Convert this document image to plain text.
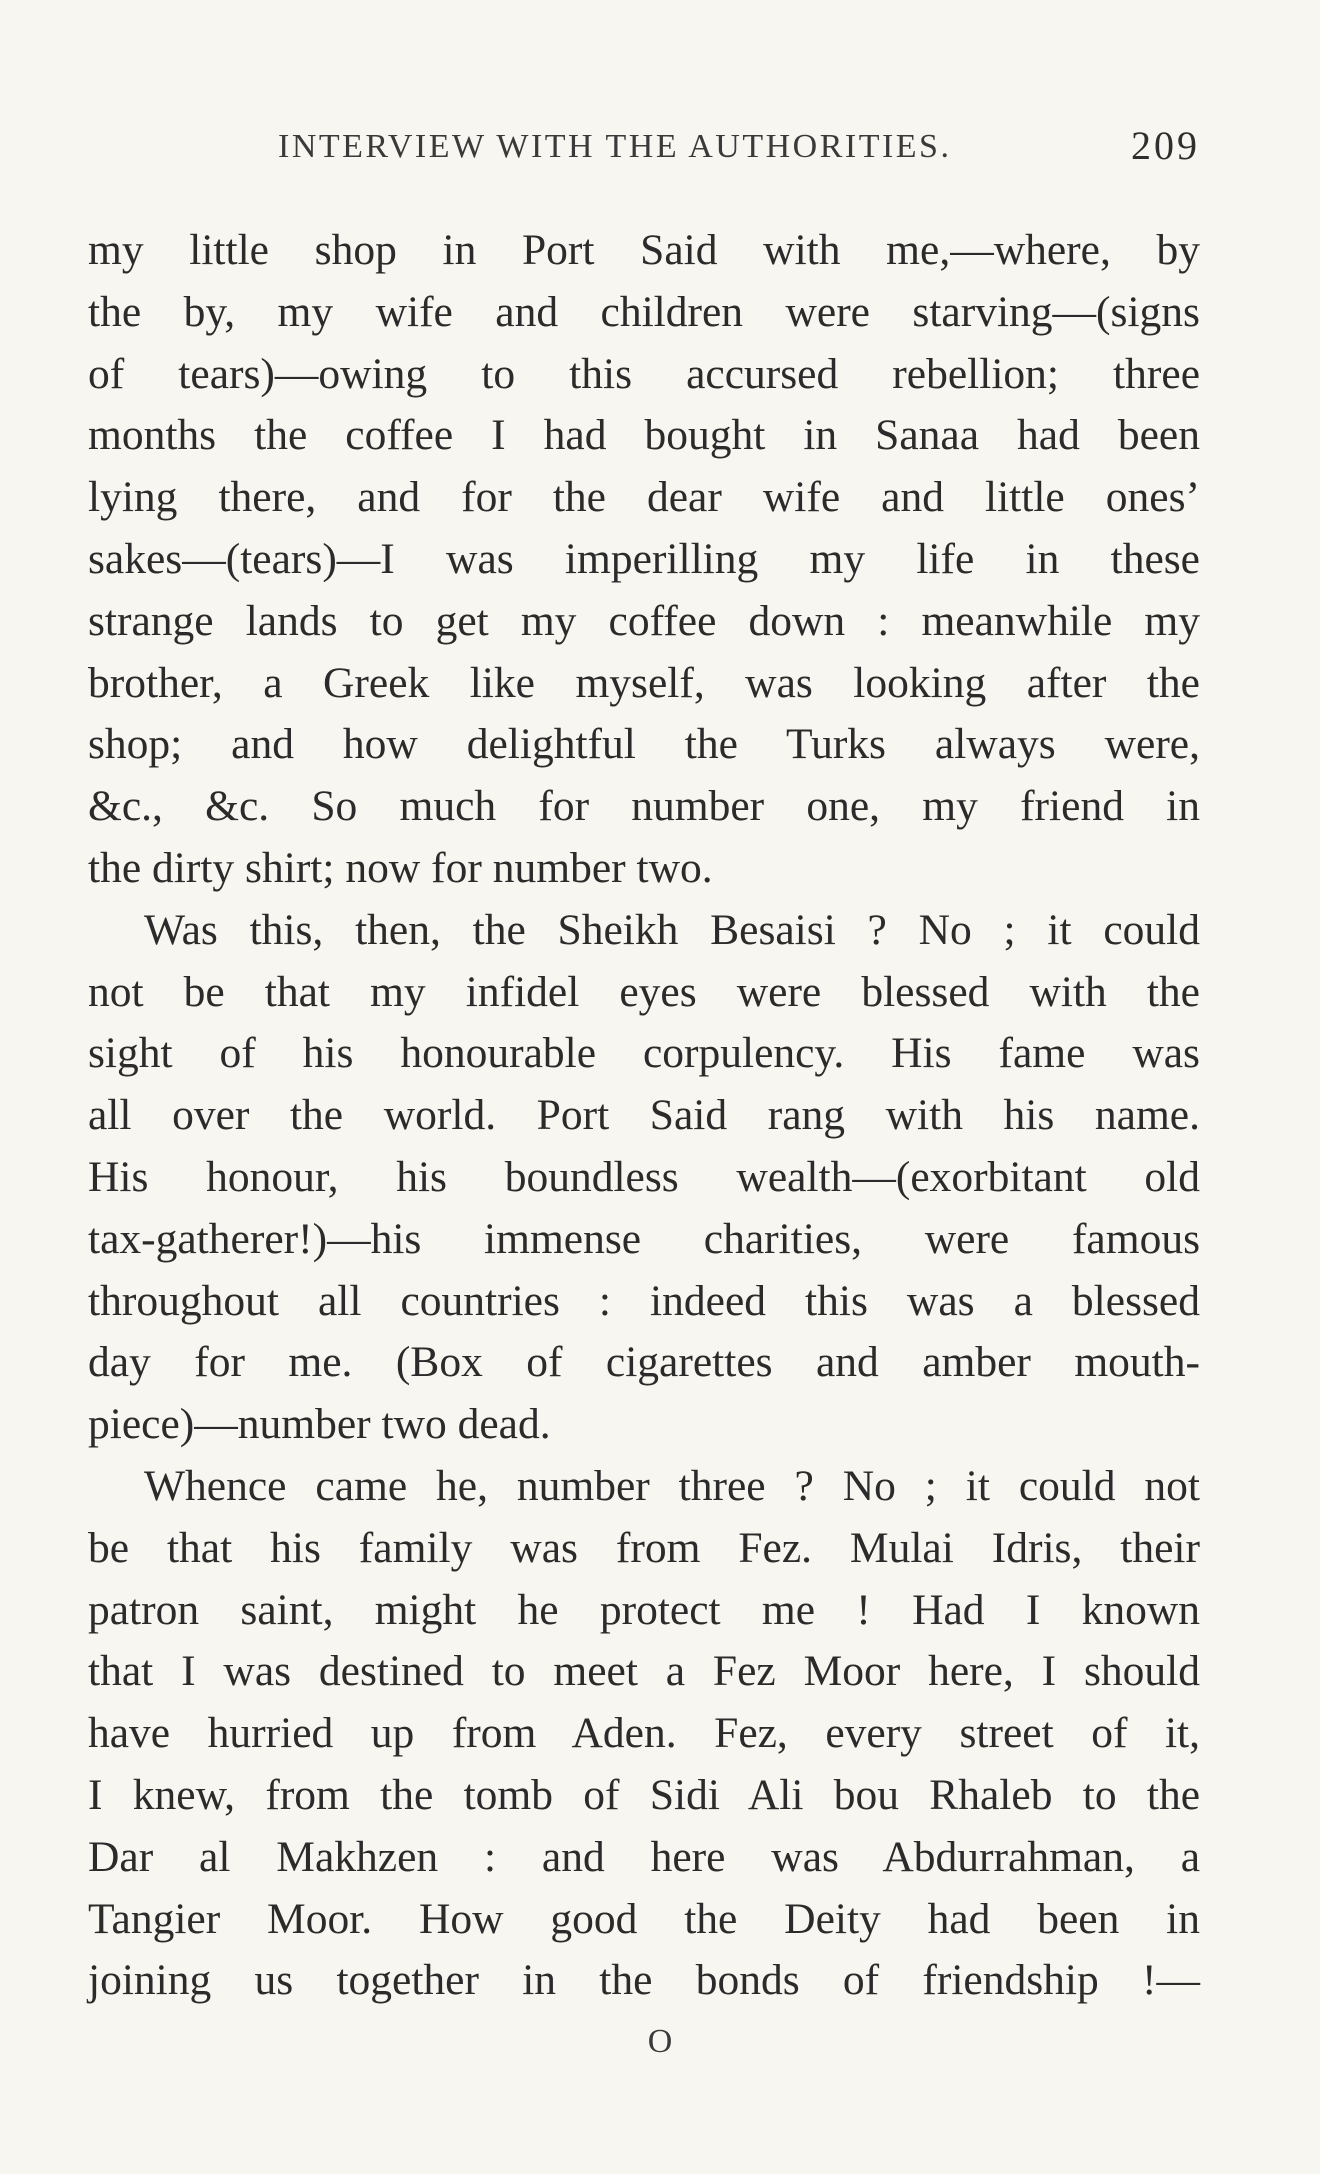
INTERVIEW WITH THE AUTHORITIES.	209
my little shop in Port Said with me,—where, by
the by, my wife and children were starving—(signs
of tears)—owing to this accursed rebellion; three
months the coffee I had bought in Sanaa had been
lying there, and for the dear wife and little ones’
sakes—(tears)—I was imperilling my life in these
strange lands to get my coffee down : meanwhile my
brother, a Greek like myself, was looking after the
shop; and how delightful the Turks always were,
&c., &c. So much for number one, my friend in
the dirty shirt; now for number two.
Was this, then, the Sheikh Besaisi ? No ; it could
not be that my infidel eyes were blessed with the
sight of his honourable corpulency. His fame was
all over the world. Port Said rang with his name.
His honour, his boundless wealth—(exorbitant old
tax-gatherer!)—his immense charities, were famous
throughout all countries : indeed this was a blessed
day for me. (Box of cigarettes and amber mouth-
piece)—number two dead.
Whence came he, number three ? No ; it could not
be that his family was from Fez. Mulai Idris, their
patron saint, might he protect me ! Had I known
that I was destined to meet a Fez Moor here, I should
have hurried up from Aden. Fez, every street of it,
I knew, from the tomb of Sidi Ali bou Rhaleb to the
Dar al Makhzen : and here was Abdurrahman, a
Tangier Moor. How good the Deity had been in
joining us together in the bonds of friendship !—
O
